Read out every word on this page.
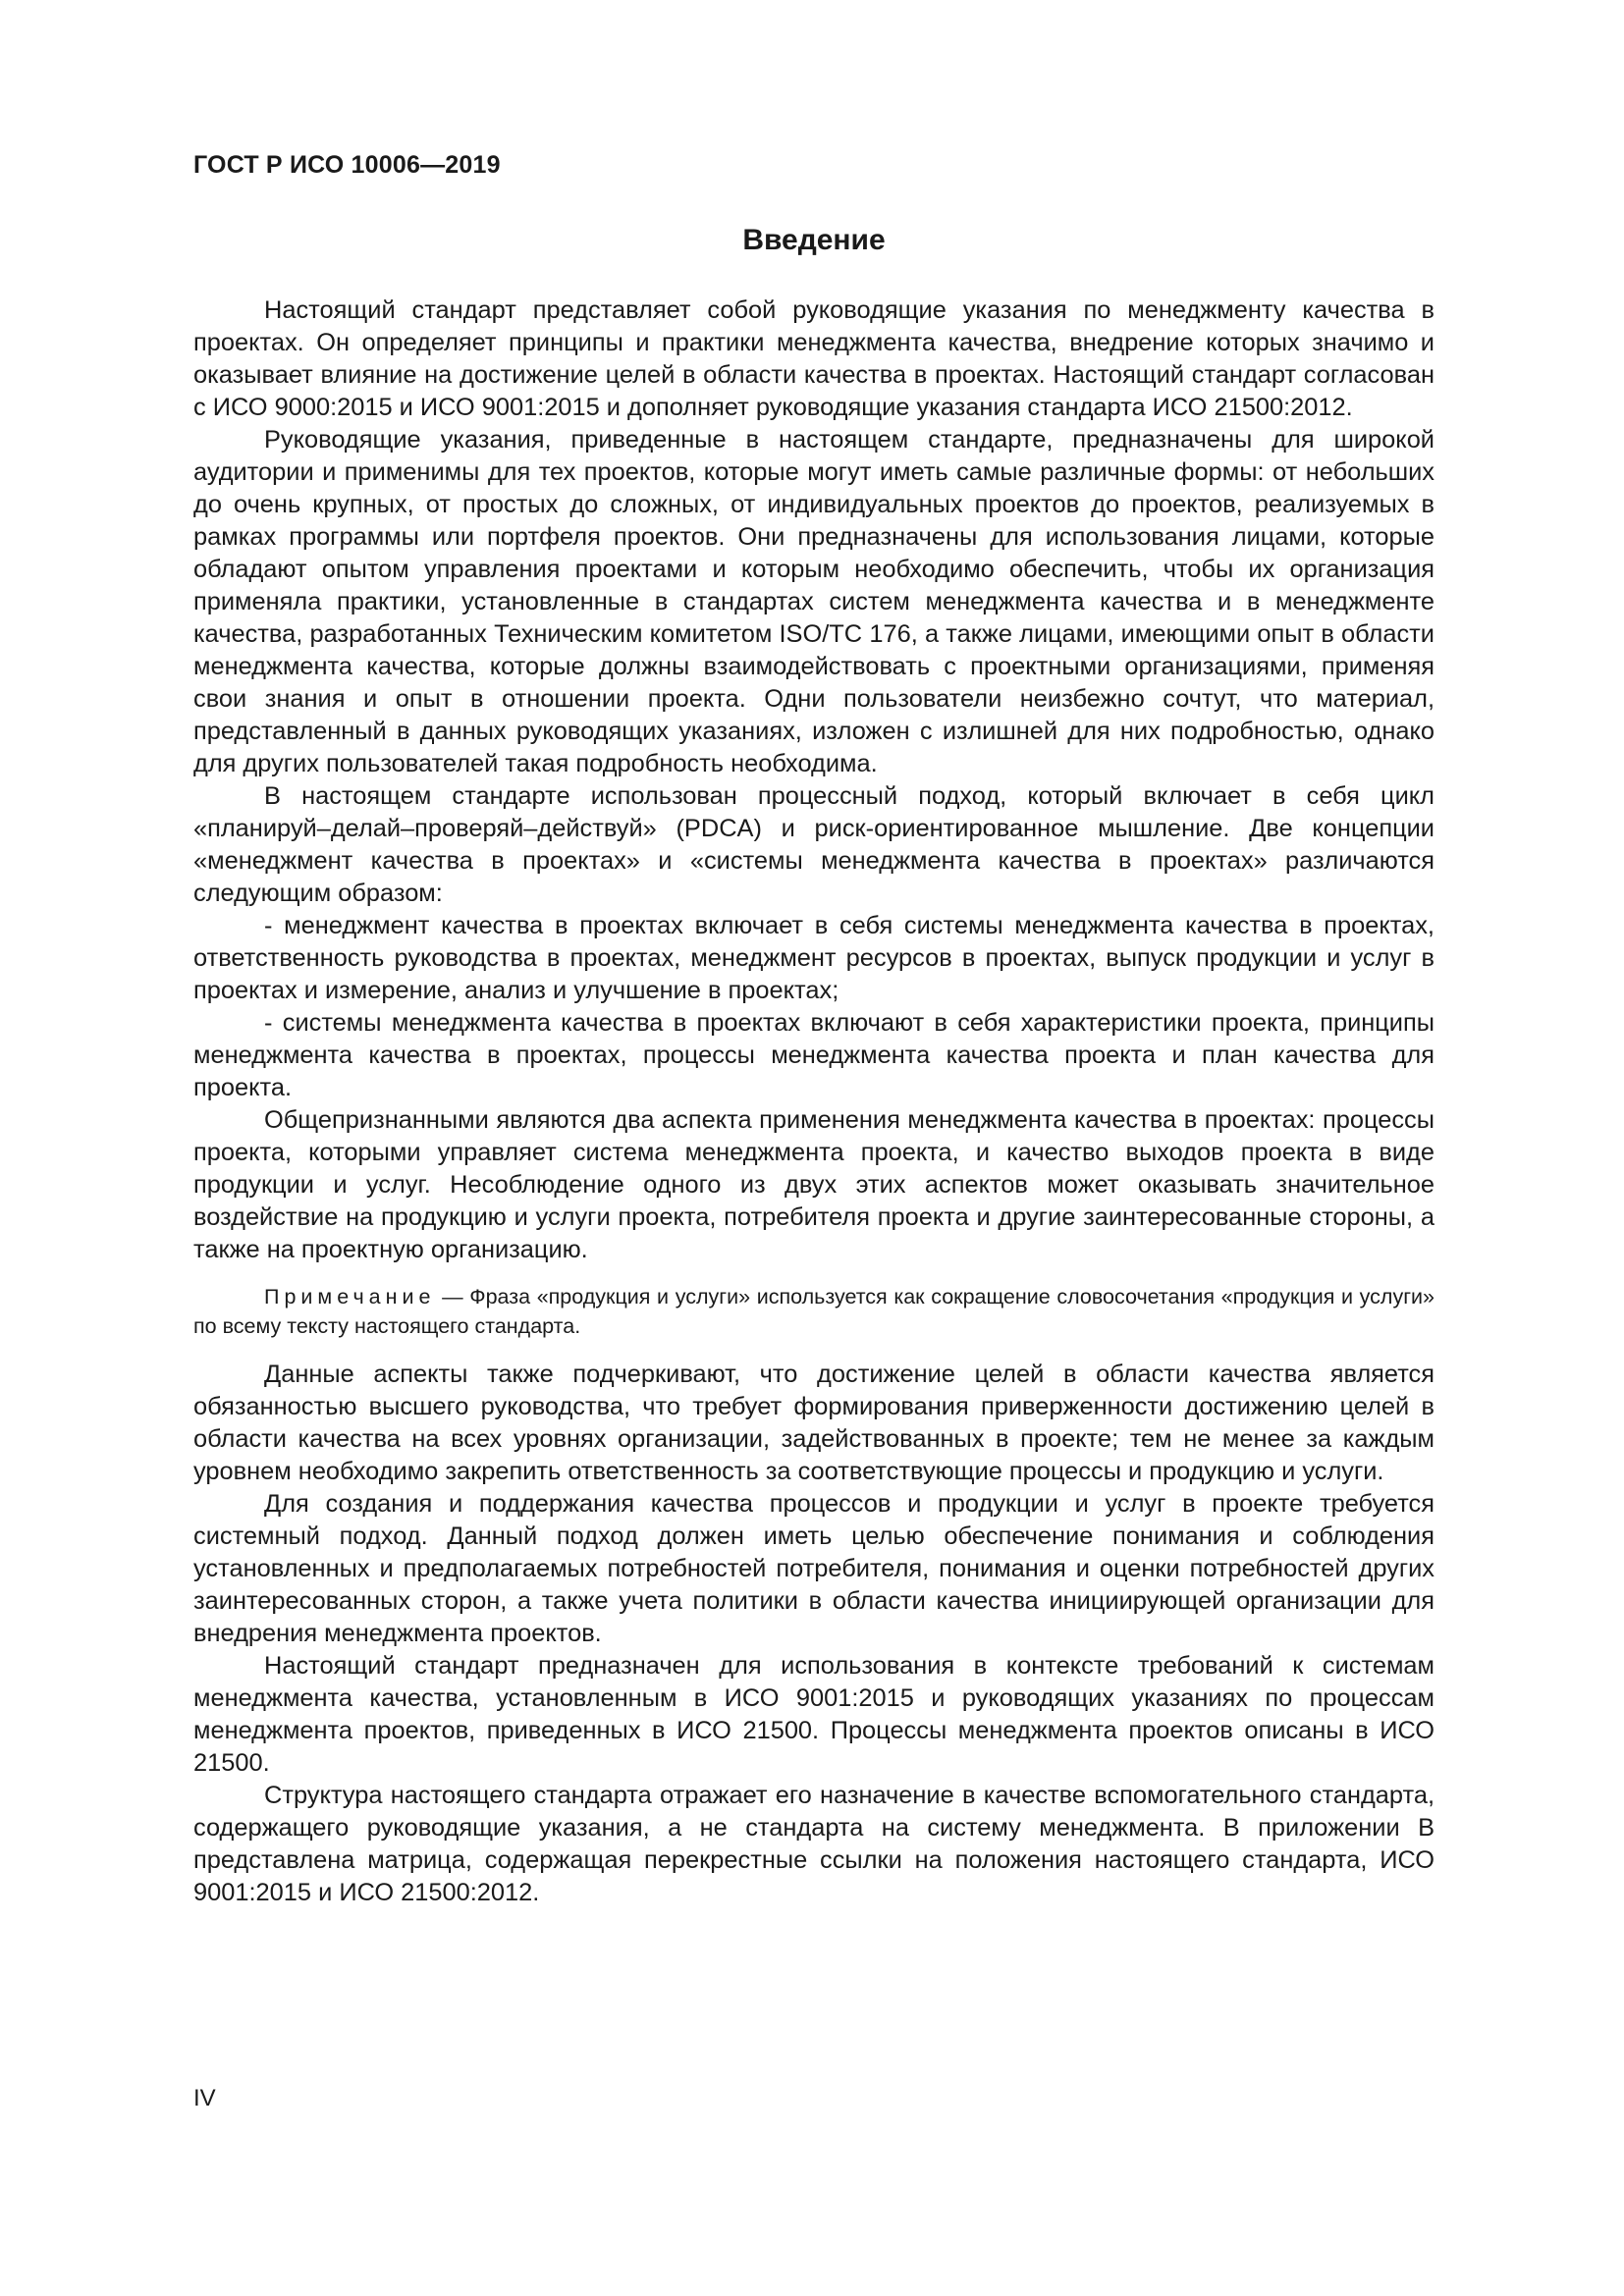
ГОСТ Р ИСО 10006—2019
Введение

Настоящий стандарт представляет собой руководящие указания по менеджменту качества в проектах. Он определяет принципы и практики менеджмента качества, внедрение которых значимо и оказывает влияние на достижение целей в области качества в проектах. Настоящий стандарт согласован с ИСО 9000:2015 и ИСО 9001:2015 и дополняет руководящие указания стандарта ИСО 21500:2012.

Руководящие указания, приведенные в настоящем стандарте, предназначены для широкой аудитории и применимы для тех проектов, которые могут иметь самые различные формы: от небольших до очень крупных, от простых до сложных, от индивидуальных проектов до проектов, реализуемых в рамках программы или портфеля проектов. Они предназначены для использования лицами, которые обладают опытом управления проектами и которым необходимо обеспечить, чтобы их организация применяла практики, установленные в стандартах систем менеджмента качества и в менеджменте качества, разработанных Техническим комитетом ISO/TC 176, а также лицами, имеющими опыт в области менеджмента качества, которые должны взаимодействовать с проектными организациями, применяя свои знания и опыт в отношении проекта. Одни пользователи неизбежно сочтут, что материал, представленный в данных руководящих указаниях, изложен с излишней для них подробностью, однако для других пользователей такая подробность необходима.

В настоящем стандарте использован процессный подход, который включает в себя цикл «планируй–делай–проверяй–действуй» (PDCA) и риск-ориентированное мышление. Две концепции «менеджмент качества в проектах» и «системы менеджмента качества в проектах» различаются следующим образом:

- менеджмент качества в проектах включает в себя системы менеджмента качества в проектах, ответственность руководства в проектах, менеджмент ресурсов в проектах, выпуск продукции и услуг в проектах и измерение, анализ и улучшение в проектах;

- системы менеджмента качества в проектах включают в себя характеристики проекта, принципы менеджмента качества в проектах, процессы менеджмента качества проекта и план качества для проекта.

Общепризнанными являются два аспекта применения менеджмента качества в проектах: процессы проекта, которыми управляет система менеджмента проекта, и качество выходов проекта в виде продукции и услуг. Несоблюдение одного из двух этих аспектов может оказывать значительное воздействие на продукцию и услуги проекта, потребителя проекта и другие заинтересованные стороны, а также на проектную организацию.

Примечание — Фраза «продукция и услуги» используется как сокращение словосочетания «продукция и услуги» по всему тексту настоящего стандарта.

Данные аспекты также подчеркивают, что достижение целей в области качества является обязанностью высшего руководства, что требует формирования приверженности достижению целей в области качества на всех уровнях организации, задействованных в проекте; тем не менее за каждым уровнем необходимо закрепить ответственность за соответствующие процессы и продукцию и услуги.

Для создания и поддержания качества процессов и продукции и услуг в проекте требуется системный подход. Данный подход должен иметь целью обеспечение понимания и соблюдения установленных и предполагаемых потребностей потребителя, понимания и оценки потребностей других заинтересованных сторон, а также учета политики в области качества инициирующей организации для внедрения менеджмента проектов.

Настоящий стандарт предназначен для использования в контексте требований к системам менеджмента качества, установленным в ИСО 9001:2015 и руководящих указаниях по процессам менеджмента проектов, приведенных в ИСО 21500. Процессы менеджмента проектов описаны в ИСО 21500.

Структура настоящего стандарта отражает его назначение в качестве вспомогательного стандарта, содержащего руководящие указания, а не стандарта на систему менеджмента. В приложении В представлена матрица, содержащая перекрестные ссылки на положения настоящего стандарта, ИСО 9001:2015 и ИСО 21500:2012.

IV
